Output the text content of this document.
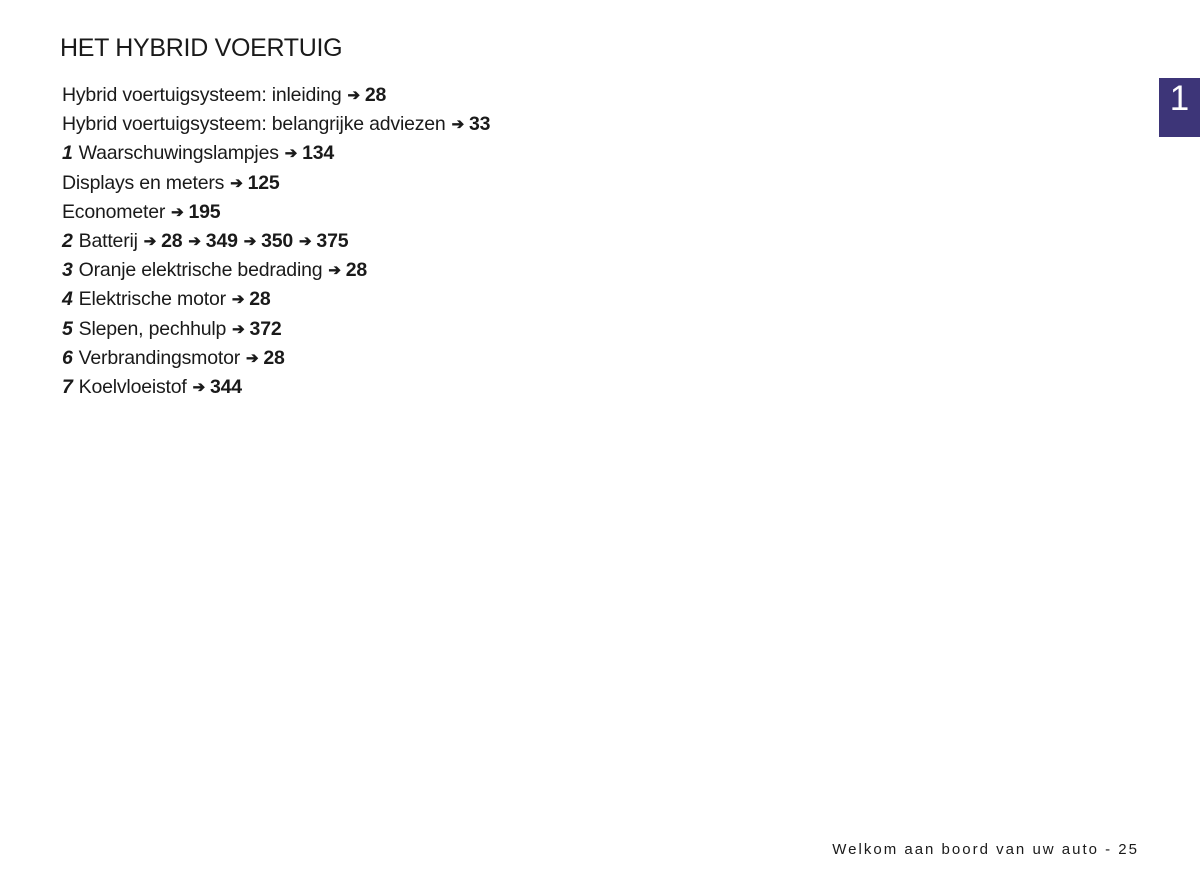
HET HYBRID VOERTUIG
Hybrid voertuigsysteem: inleiding ➔ 28
Hybrid voertuigsysteem: belangrijke adviezen ➔ 33
1 Waarschuwingslampjes ➔ 134
Displays en meters ➔ 125
Econometer ➔ 195
2 Batterij ➔ 28 ➔ 349 ➔ 350 ➔ 375
3 Oranje elektrische bedrading ➔ 28
4 Elektrische motor ➔ 28
5 Slepen, pechhulp ➔ 372
6 Verbrandingsmotor ➔ 28
7 Koelvloeistof ➔ 344
1
Welkom aan boord van uw auto - 25
